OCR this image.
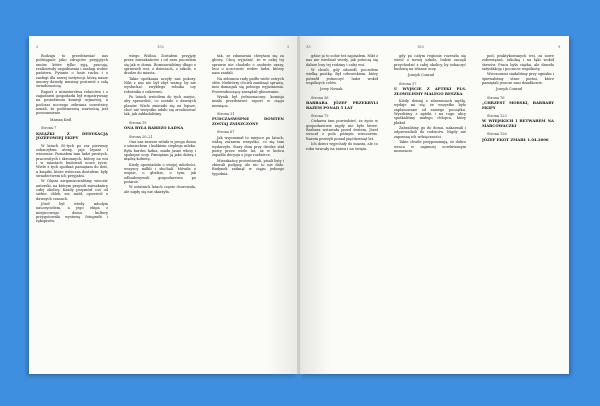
2	192	2

Rodzaju to przedstawiać nas podstępnie jako zdrajców przyjętych umów, które tylko żyją, pracują, realizowały uzgodnienia i zasługi wobec państwa. Pytanie o losie ruchu i o zasługi dla nowej instytucji, którą nasze umowy dawały, musimy postawić z całą świadomością.

Raport z ministerstwa rolnictwa i z zagadnień gospodarki był rozpatrywany na posiedzeniu komisji sejmowej, a podczas nocnego zebrania uczestnicy uznali, że podstawową wartością jest porozumienie.

Marian Król

Strona 7

KSIĄŻKI Z DEDYKACJĄ JÓZEFOWIEJ EKIPY

W latach 50-tych po raz pierwszy zobaczyłem ateny, jaja lepsze i wiosenne. Poznałem tam ludzi prostych, pracowitych i skromnych, którzy na wsi i w miastach budowali nowe życie. Wiele z tych spotkań pamiętam do dziś, a książki, które wówczas dostałem, były świadectwem ich przyjaźni.

W Olęsni zorganizowaliśmy wieczór autorski, na którym przyszli mieszkańcy całej okolicy. Każdy przyniósł coś od siebie: chleb, ser, miód, opowieść o dawnych czasach.

Józef był wtedy młodym nauczycielem, a jego ekipa z miejscowego domu kultury przygotowała wystawę fotografii i rękopisów.

wiego Wiślna. Zostałem przyjęty przez mieszkańców i od razu poczułem się jak w domu. Rozmawialiśmy długo o sprawach wsi, o dzieciach, o szkole, o drodze do miasta.

Takie spotkania uczyły nas pokory. Nikt z nas nie był zbyt ważny, by nie wysłuchać zwykłego rolnika czy robotnika z cukrowni.

Po latach wróciłem do tych miejsc, aby sprawdzić, co zostało z dawnych planów. Wiele zmieniło się na lepsze, choć nie wszystko udało się zrealizować tak, jak zakładaliśmy.

Strona 19

ONA BYŁA BARDZO ŁADNA

Strona 20–21

Ona nas zawsze witała w progu domu z uśmiechem i kubkiem ciepłego mleka. Była bardzo ładna, miała jasne włosy i spokojne oczy. Pamiętam ją jako dobrą i mądrą kobietę.

Kiedy opowiadała o swojej młodości, wszyscy milkli i słuchali. Mówiła o wojnie, o głodzie, o tym, jak odbudowywali gospodarstwo po pożarze.

W ostatnich latach często chorowała, ale nigdy się nie skarżyła.

tak, ze zdumienia chwytam się za głowę. Chcę wyjaśnić, że w całej tej sprawie nie chodziło o osobiste urazy, lecz o uczciwość wobec ludzi, którzy nam zaufali.

Na zebraniu rady padło wiele ostrych słów. Niektórzy chcieli zamknąć sprawę, inni domagali się pełnego wyjaśnienia. Przewodniczący zarządził głosowanie.

Wynik był jednoznaczny: komisja miała przedstawić raport w ciągu miesiąca.

Strona 31

PUDCZASWSPNE DOMTEN ZOSTAJ ZNISZCZONY

Strona 67

Jak wspominał to miejsce po latach, widzę zarazem wszystko, co się tam wydarzyło. Stary dom przy drodze stał pusty przez wiele lat, aż w końcu zapadła decyzja o jego rozbiórce.

Mieszkańcy protestowali, pisali listy i zbierali podpisy, ale nic to nie dało. Budynek zniknął w ciągu jednego tygodnia.

33	183	9

gdzie ja to sobie też zapisałem. Nikt z nas nie wiedział wtedy, jak potoczą się dalsze losy tej rodziny i całej wsi.

W chwili, gdy odszedł, poczułem wielką pustkę. Był człowiekiem, który potrafił jednoczyć ludzi wokół wspólnych celów.

Jerzy Nowak

Strona 36

BARBARA JÓZEF PRZEKRYLI RAZEM PONAD 5 LAT

Strona 73

Ciekawa tam powiedzieć, że życie w gospodarstwie nigdy nie było łatwe. Barbara wstawała przed świtem, Józef wracał z pola późnym wieczorem. Razem przeżyli ponad pięćdziesiąt lat.

Ich dzieci wyjechały do miasta, ale co roku wracały na żniwa i na święta.

gdy po całym regionie rozeszła się wieść o nowej szkole, ludzie zaczęli przychodzić z całej okolicy, by zobaczyć budowę na własne oczy.

Joseph Conrad

Strona 37

U WYJŚCIE Z APTEKI PLS. ZŁOWILIŚMY MALEGO RESZKA

Kiedy dzisiaj o zdarzeniach myślę, wydaje mi się, że wszystko było zaplanowane od samego początku. Wyszliśmy z apteki i na rogu ulicy spotkaliśmy małego chłopca, który płakał.

Zabraliśmy go do domu, nakarmili i odprowadzili do rodziców. Nigdy nie zapomnę ich wdzięczności.

Takie chwile przypominają, że dobro wraca w najmniej oczekiwanym momencie.

pod, praktykowanych wsi, za nowe zobowiązań, szkolną i na łąki wokół stawów. Praca była ciężka, ale dawała satysfakcję i poczucie wspólnoty.

Wieczorami siadaliśmy przy ognisku i śpiewaliśmy stare pieśni, które pamiętali jeszcze nasi dziadkowie.

Joseph Conrad

Strona 76

„CHRZEST MORSKI, BARBARY EKIPY

Strona 123

W WIEJSKICH I BETWAREM NA MARCOWACZKI

Strona 126

JÓZEF EKOT ZMARŁ 1.04.2006
